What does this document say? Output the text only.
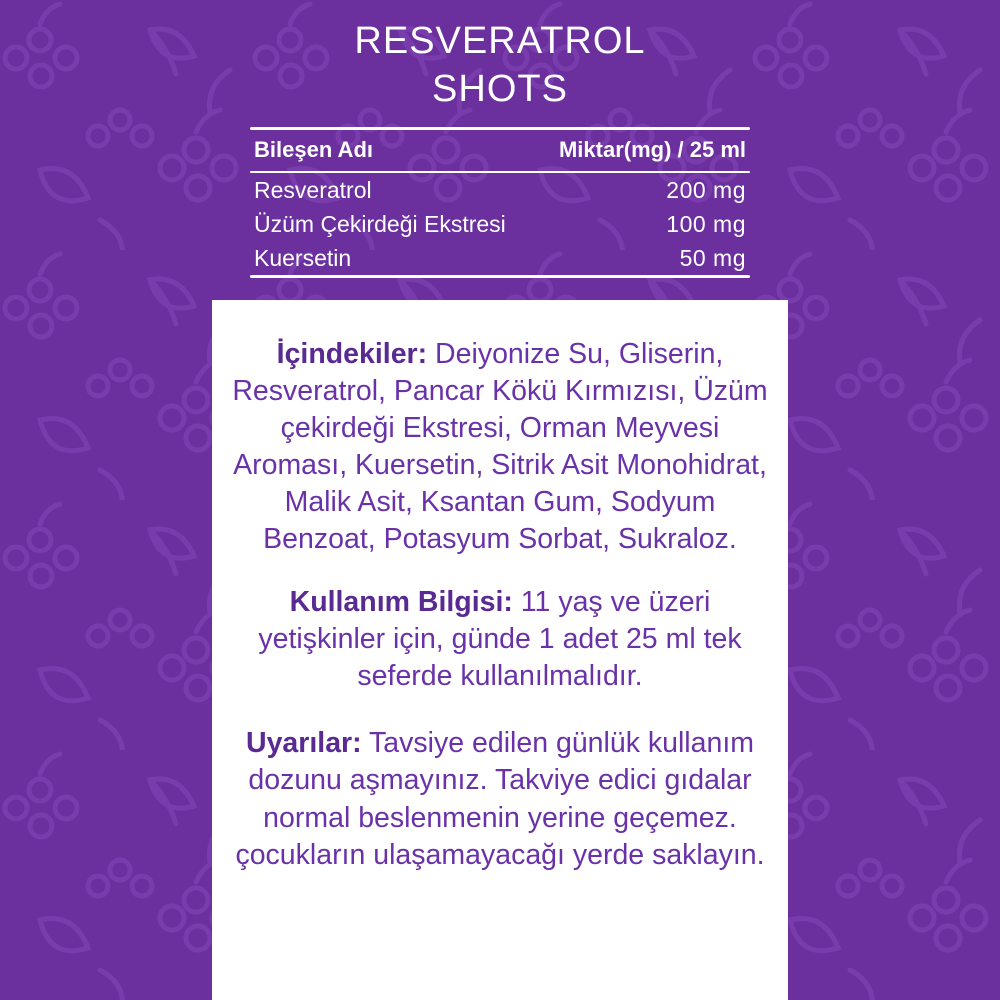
RESVERATROL
SHOTS
Bileşen Adı	Miktar(mg) / 25 ml
Resveratrol	200 mg
Üzüm Çekirdeği Ekstresi	100 mg
Kuersetin	50 mg

İçindekiler: Deiyonize Su, Gliserin, Resveratrol, Pancar Kökü Kırmızısı, Üzüm çekirdeği Ekstresi, Orman Meyvesi Aroması, Kuersetin, Sitrik Asit Monohidrat, Malik Asit, Ksantan Gum, Sodyum Benzoat, Potasyum Sorbat, Sukraloz.

Kullanım Bilgisi: 11 yaş ve üzeri yetişkinler için, günde 1 adet 25 ml tek seferde kullanılmalıdır.

Uyarılar: Tavsiye edilen günlük kullanım dozunu aşmayınız. Takviye edici gıdalar normal beslenmenin yerine geçemez. çocukların ulaşamayacağı yerde saklayın.
